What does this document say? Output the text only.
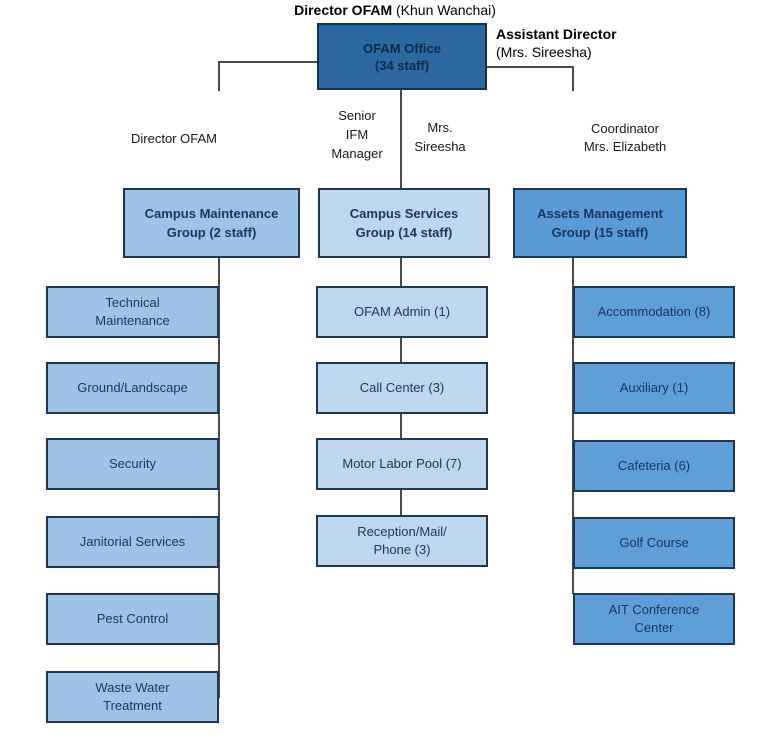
Director OFAM (Khun Wanchai)
OFAM Office
(34 staff)
Assistant Director
(Mrs. Sireesha)
Director OFAM
Senior
IFM
Manager
Mrs.
Sireesha
Coordinator
Mrs. Elizabeth
Campus Maintenance
Group (2 staff)
Campus Services
Group (14 staff)
Assets Management
Group (15 staff)
Technical
Maintenance
Ground/Landscape
Security
Janitorial Services
Pest Control
Waste Water
Treatment
OFAM Admin (1)
Call Center (3)
Motor Labor Pool (7)
Reception/Mail/
Phone (3)
Accommodation (8)
Auxiliary (1)
Cafeteria (6)
Golf Course
AIT Conference
Center
